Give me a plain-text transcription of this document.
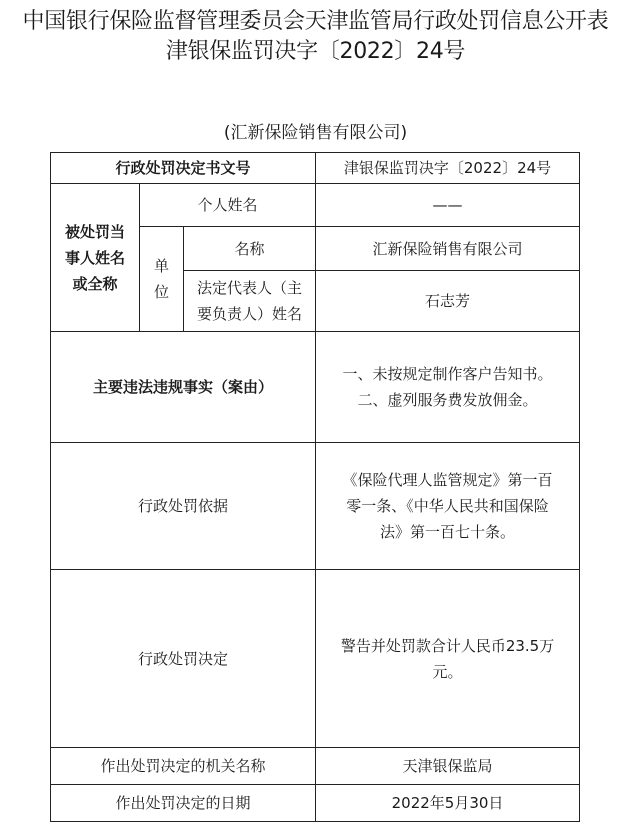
中国银行保险监督管理委员会天津监管局行政处罚信息公开表
津银保监罚决字〔2022〕24号
(汇新保险销售有限公司)
行政处罚决定书文号			津银保监罚决字〔2022〕24号

被处罚当
事人姓名
或全称	个人姓名		——

	单
位	名称	汇新保险销售有限公司

		法定代表人（主
要负责人）姓名	石志芳
主要违法违规事实（案由）			一、未按规定制作客户告知书。
二、虚列服务费发放佣金。

行政处罚依据			《保险代理人监管规定》第一百
零一条、《中华人民共和国保险
法》第一百七十条。

行政处罚决定			警告并处罚款合计人民币23.5万
元。

作出处罚决定的机关名称			天津银保监局
作出处罚决定的日期			2022年5月30日
